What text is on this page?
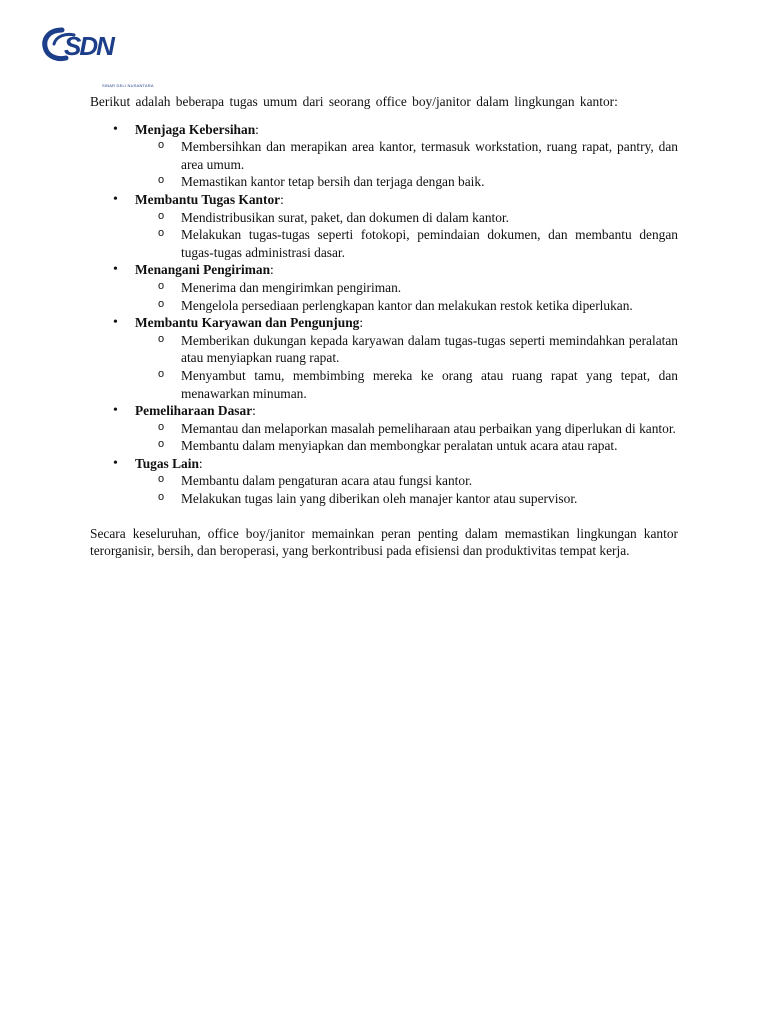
SDN
SINAR DELI NUSANTARA

Berikut adalah beberapa tugas umum dari seorang office boy/janitor dalam lingkungan kantor:

• Menjaga Kebersihan:
o Membersihkan dan merapikan area kantor, termasuk workstation, ruang rapat, pantry, dan area umum.
o Memastikan kantor tetap bersih dan terjaga dengan baik.
• Membantu Tugas Kantor:
o Mendistribusikan surat, paket, dan dokumen di dalam kantor.
o Melakukan tugas-tugas seperti fotokopi, pemindaian dokumen, dan membantu dengan tugas-tugas administrasi dasar.
• Menangani Pengiriman:
o Menerima dan mengirimkan pengiriman.
o Mengelola persediaan perlengkapan kantor dan melakukan restok ketika diperlukan.
• Membantu Karyawan dan Pengunjung:
o Memberikan dukungan kepada karyawan dalam tugas-tugas seperti memindahkan peralatan atau menyiapkan ruang rapat.
o Menyambut tamu, membimbing mereka ke orang atau ruang rapat yang tepat, dan menawarkan minuman.
• Pemeliharaan Dasar:
o Memantau dan melaporkan masalah pemeliharaan atau perbaikan yang diperlukan di kantor.
o Membantu dalam menyiapkan dan membongkar peralatan untuk acara atau rapat.
• Tugas Lain:
o Membantu dalam pengaturan acara atau fungsi kantor.
o Melakukan tugas lain yang diberikan oleh manajer kantor atau supervisor.

Secara keseluruhan, office boy/janitor memainkan peran penting dalam memastikan lingkungan kantor terorganisir, bersih, dan beroperasi, yang berkontribusi pada efisiensi dan produktivitas tempat kerja.
